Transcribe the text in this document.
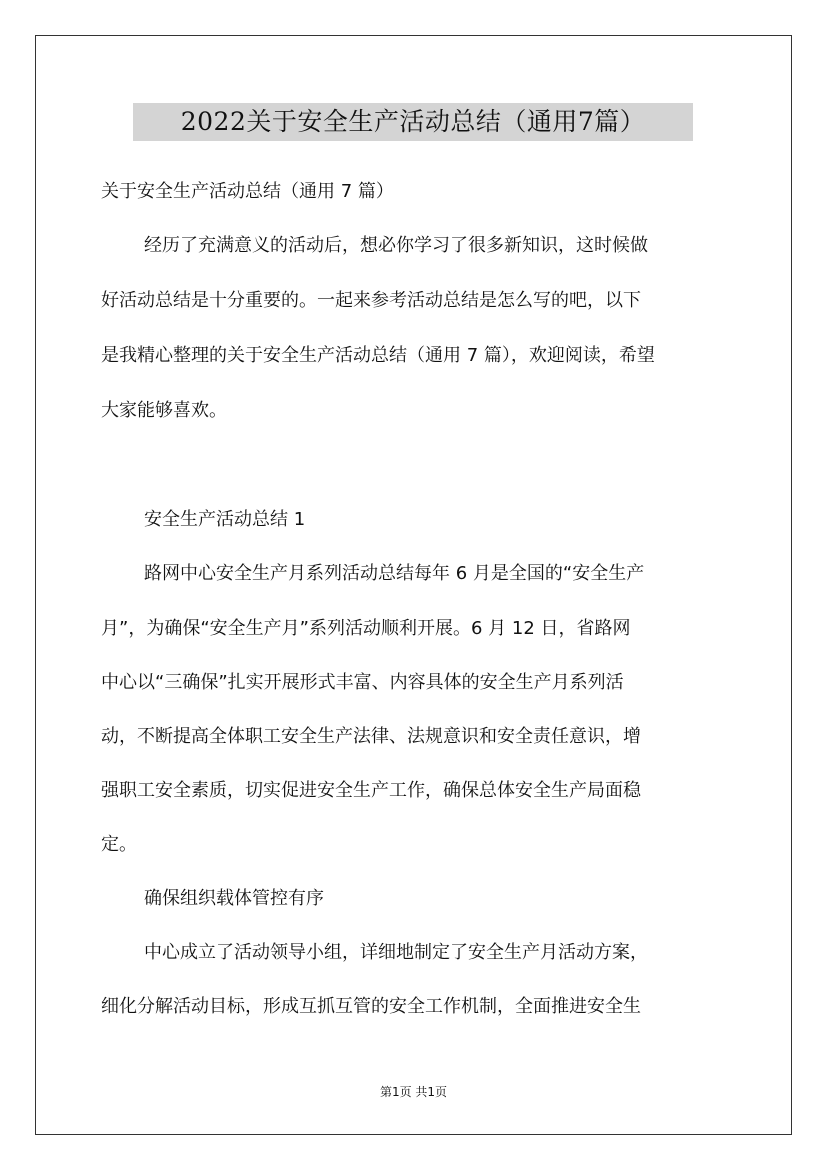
2022关于安全生产活动总结（通用7篇）
关于安全生产活动总结（通用 7 篇）
经历了充满意义的活动后，想必你学习了很多新知识，这时候做
好活动总结是十分重要的。一起来参考活动总结是怎么写的吧，以下
是我精心整理的关于安全生产活动总结（通用 7 篇），欢迎阅读，希望
大家能够喜欢。
安全生产活动总结 1
路网中心安全生产月系列活动总结每年 6 月是全国的“安全生产
月”，为确保“安全生产月”系列活动顺利开展。6 月 12 日，省路网
中心以“三确保”扎实开展形式丰富、内容具体的安全生产月系列活
动，不断提高全体职工安全生产法律、法规意识和安全责任意识，增
强职工安全素质，切实促进安全生产工作，确保总体安全生产局面稳
定。
确保组织载体管控有序
中心成立了活动领导小组，详细地制定了安全生产月活动方案，
细化分解活动目标，形成互抓互管的安全工作机制，全面推进安全生
第1页 共1页
